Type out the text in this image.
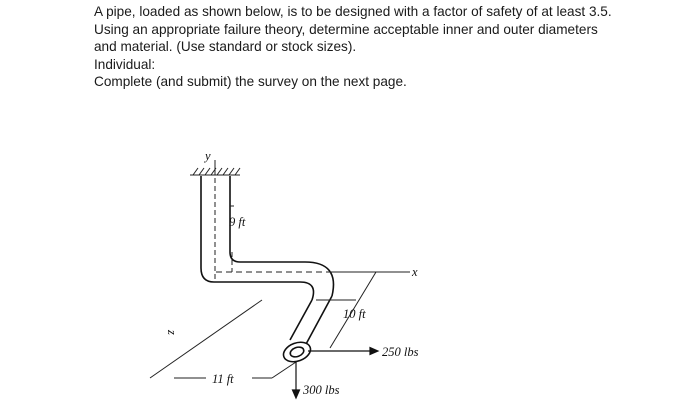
A pipe, loaded as shown below, is to be designed with a factor of safety of at least 3.5.

Using an appropriate failure theory, determine acceptable inner and outer diameters

and material. (Use standard or stock sizes).

Individual:

Complete (and submit) the survey on the next page.

y
9 ft
x
10 ft
z
11 ft
250 lbs
300 lbs
